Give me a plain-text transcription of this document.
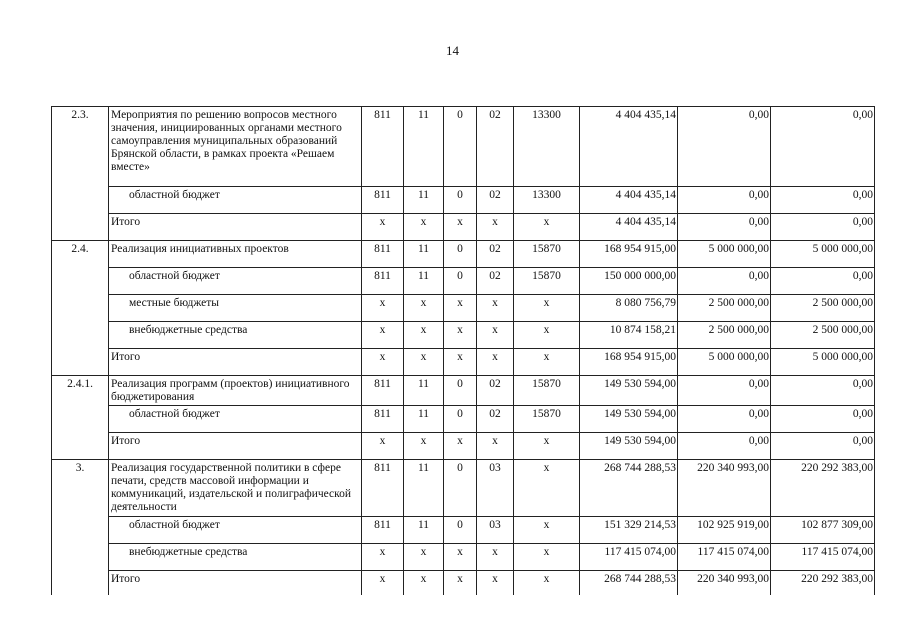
14
2.3.	Мероприятия по решению вопросов местного значения, инициированных органами местного самоуправления муниципальных образований Брянской области, в рамках проекта «Решаем вместе»	811	11	0	02	13300	4 404 435,14	0,00	0,00
	областной бюджет	811	11	0	02	13300	4 404 435,14	0,00	0,00
	Итого	x	x	x	x	x	4 404 435,14	0,00	0,00
2.4.	Реализация инициативных проектов	811	11	0	02	15870	168 954 915,00	5 000 000,00	5 000 000,00
	областной бюджет	811	11	0	02	15870	150 000 000,00	0,00	0,00
	местные бюджеты	x	x	x	x	x	8 080 756,79	2 500 000,00	2 500 000,00
	внебюджетные средства	x	x	x	x	x	10 874 158,21	2 500 000,00	2 500 000,00
	Итого	x	x	x	x	x	168 954 915,00	5 000 000,00	5 000 000,00
2.4.1.	Реализация программ (проектов) инициативного бюджетирования	811	11	0	02	15870	149 530 594,00	0,00	0,00
	областной бюджет	811	11	0	02	15870	149 530 594,00	0,00	0,00
	Итого	x	x	x	x	x	149 530 594,00	0,00	0,00
3.	Реализация государственной политики в сфере печати, средств массовой информации и коммуникаций, издательской и полиграфической деятельности	811	11	0	03	x	268 744 288,53	220 340 993,00	220 292 383,00
	областной бюджет	811	11	0	03	x	151 329 214,53	102 925 919,00	102 877 309,00
	внебюджетные средства	x	x	x	x	x	117 415 074,00	117 415 074,00	117 415 074,00
	Итого	x	x	x	x	x	268 744 288,53	220 340 993,00	220 292 383,00
